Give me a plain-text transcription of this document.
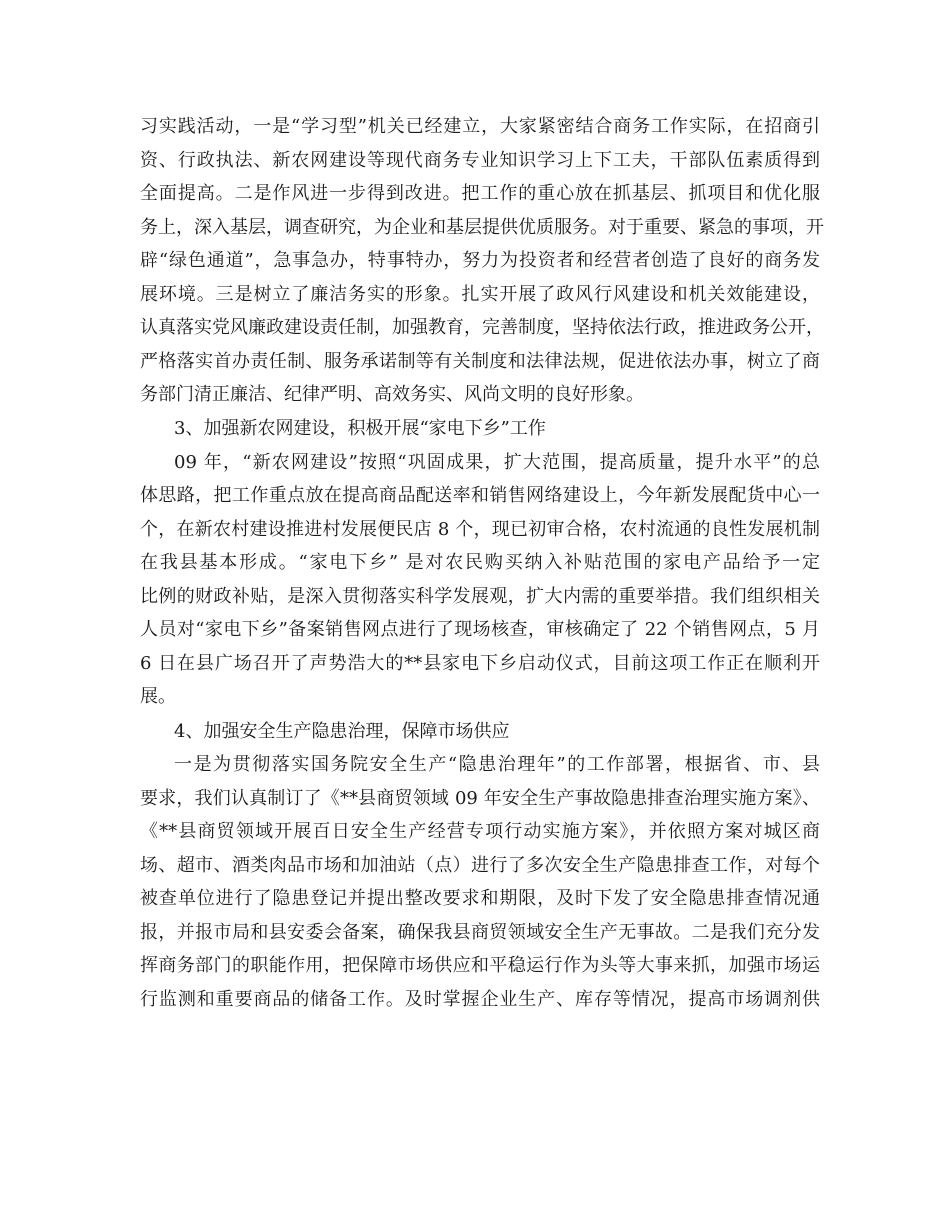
习实践活动，一是“学习型”机关已经建立，大家紧密结合商务工作实际，在招商引
资、行政执法、新农网建设等现代商务专业知识学习上下工夫，干部队伍素质得到
全面提高。二是作风进一步得到改进。把工作的重心放在抓基层、抓项目和优化服
务上，深入基层，调查研究，为企业和基层提供优质服务。对于重要、紧急的事项，开
辟“绿色通道”，急事急办，特事特办，努力为投资者和经营者创造了良好的商务发
展环境。三是树立了廉洁务实的形象。扎实开展了政风行风建设和机关效能建设，
认真落实党风廉政建设责任制，加强教育，完善制度，坚持依法行政，推进政务公开，
严格落实首办责任制、服务承诺制等有关制度和法律法规，促进依法办事，树立了商
务部门清正廉洁、纪律严明、高效务实、风尚文明的良好形象。
3、加强新农网建设，积极开展“家电下乡”工作
09 年，“新农网建设”按照“巩固成果，扩大范围，提高质量，提升水平”的总
体思路，把工作重点放在提高商品配送率和销售网络建设上，今年新发展配货中心一
个，在新农村建设推进村发展便民店 8 个，现已初审合格，农村流通的良性发展机制
在我县基本形成。“家电下乡” 是对农民购买纳入补贴范围的家电产品给予一定
比例的财政补贴，是深入贯彻落实科学发展观，扩大内需的重要举措。我们组织相关
人员对“家电下乡”备案销售网点进行了现场核查，审核确定了 22 个销售网点，5 月
6 日在县广场召开了声势浩大的**县家电下乡启动仪式，目前这项工作正在顺利开
展。
4、加强安全生产隐患治理，保障市场供应
一是为贯彻落实国务院安全生产“隐患治理年”的工作部署，根据省、市、县
要求，我们认真制订了《**县商贸领域 09 年安全生产事故隐患排查治理实施方案》、
《**县商贸领域开展百日安全生产经营专项行动实施方案》，并依照方案对城区商
场、超市、酒类肉品市场和加油站（点）进行了多次安全生产隐患排查工作，对每个
被查单位进行了隐患登记并提出整改要求和期限，及时下发了安全隐患排查情况通
报，并报市局和县安委会备案，确保我县商贸领域安全生产无事故。二是我们充分发
挥商务部门的职能作用，把保障市场供应和平稳运行作为头等大事来抓，加强市场运
行监测和重要商品的储备工作。及时掌握企业生产、库存等情况，提高市场调剂供
